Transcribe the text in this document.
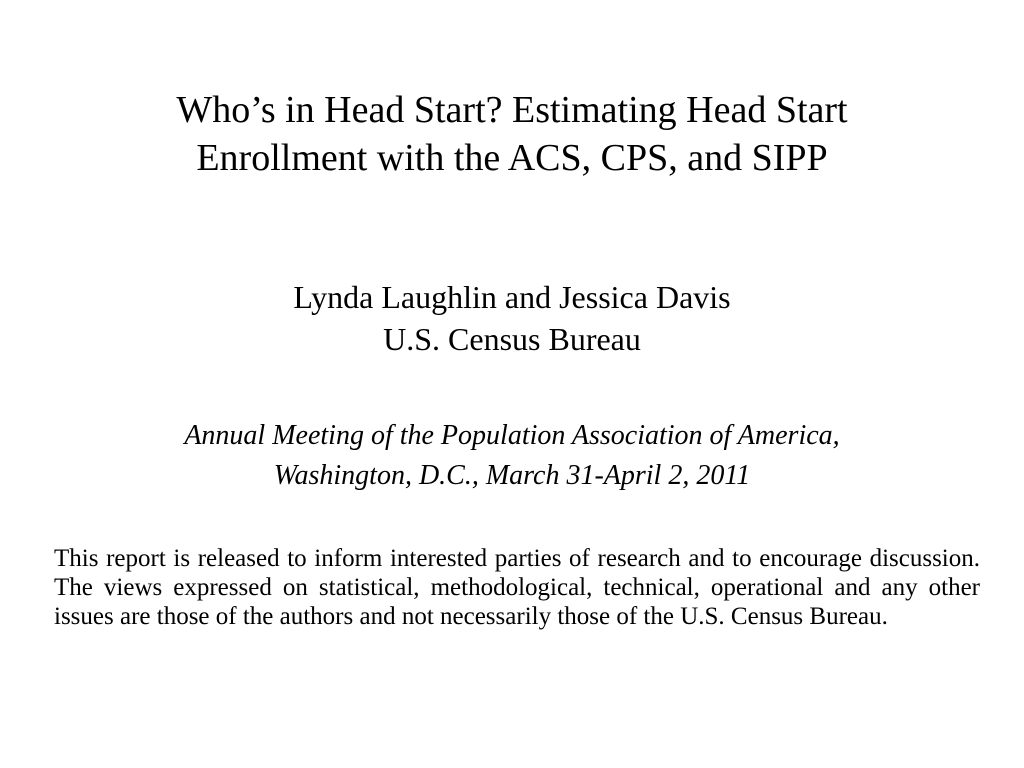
Who’s in Head Start? Estimating Head Start
Enrollment with the ACS, CPS, and SIPP
Lynda Laughlin and Jessica Davis
U.S. Census Bureau
Annual Meeting of the Population Association of America,
Washington, D.C., March 31-April 2, 2011

This report is released to inform interested parties of research and to encourage discussion. The views expressed on statistical, methodological, technical, operational and any other issues are those of the authors and not necessarily those of the U.S. Census Bureau.
